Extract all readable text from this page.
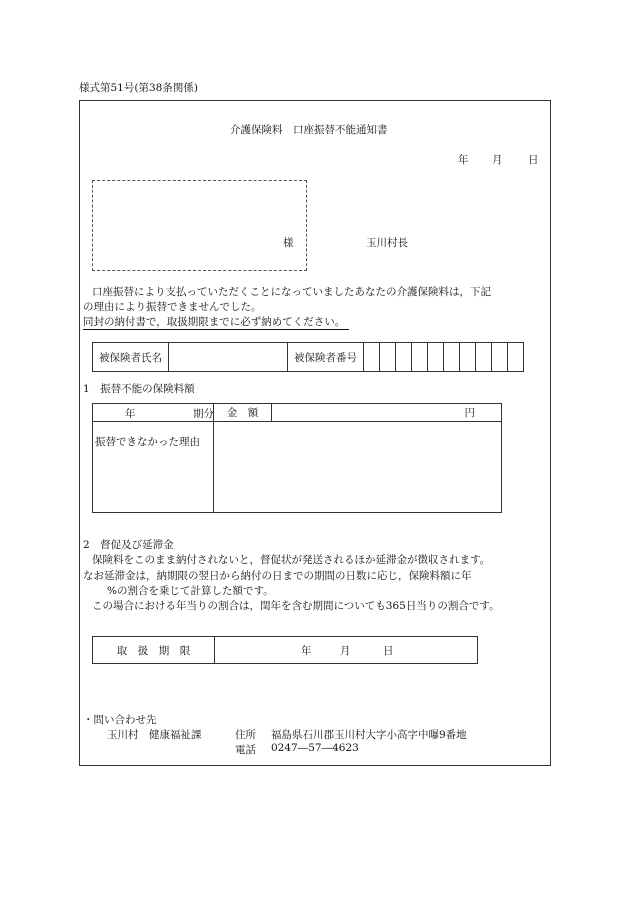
様式第51号(第38条関係)
介護保険料　口座振替不能通知書
年 月 日
様	玉川村長
口座振替により支払っていただくことになっていましたあなたの介護保険料は，下記
の理由により振替できませんでした。
同封の納付書で，取扱期限までに必ず納めてください。
被保険者氏名		被保険者番号										
1　振替不能の保険料額
年 期分	金　額	円
振替できなかった理由		
2　督促及び延滞金
保険料をこのまま納付されないと，督促状が発送されるほか延滞金が徴収されます。
なお延滞金は，納期限の翌日から納付の日までの期間の日数に応じ，保険料額に年
%の割合を乗じて計算した額です。
この場合における年当りの割合は，閏年を含む期間についても365日当りの割合です。
取　扱　期　限	年	月	日
・問い合わせ先
玉川村　健康福祉課	住所 福島県石川郡玉川村大字小高字中曝9番地
電話 0247―57―4623
